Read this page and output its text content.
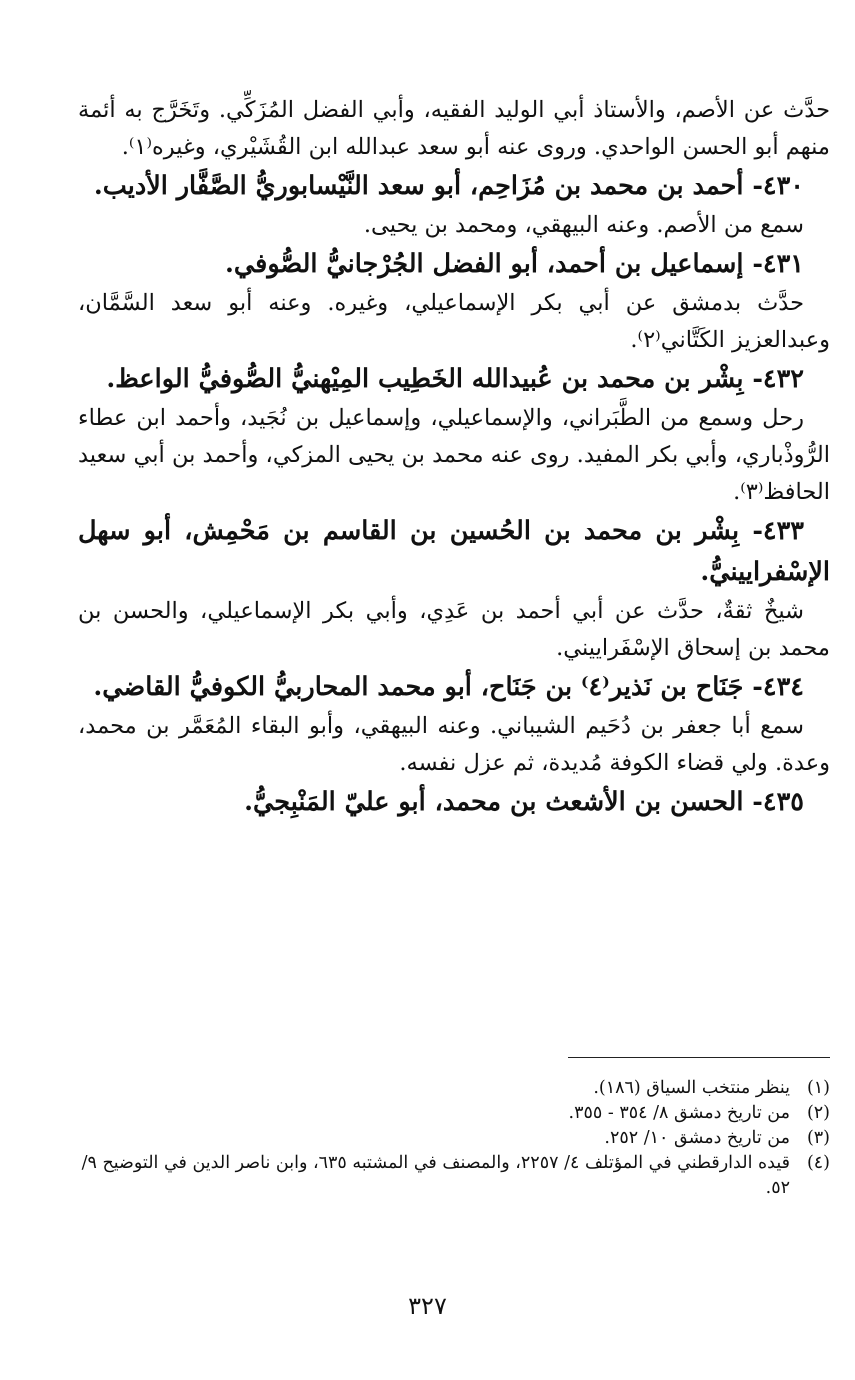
حدَّث عن الأصم، والأستاذ أبي الوليد الفقيه، وأبي الفضل المُزَكِّي. وتَخَرَّج به أئمة منهم أبو الحسن الواحدي. وروى عنه أبو سعد عبدالله ابن القُشَيْري، وغيره⁽١⁾.

٤٣٠- أحمد بن محمد بن مُزَاحِم، أبو سعد النَّيْسابوريُّ الصَّفَّار الأديب.

سمع من الأصم. وعنه البيهقي، ومحمد بن يحيى.

٤٣١- إسماعيل بن أحمد، أبو الفضل الجُرْجانيُّ الصُّوفي.

حدَّث بدمشق عن أبي بكر الإسماعيلي، وغيره. وعنه أبو سعد السَّمَّان، وعبدالعزيز الكَتَّاني⁽٢⁾.

٤٣٢- بِشْر بن محمد بن عُبيدالله الخَطِيب المِيْهنيُّ الصُّوفيُّ الواعظ.

رحل وسمع من الطَّبَراني، والإسماعيلي، وإسماعيل بن نُجَيد، وأحمد ابن عطاء الرُّوذْباري، وأبي بكر المفيد. روى عنه محمد بن يحيى المزكي، وأحمد بن أبي سعيد الحافظ⁽٣⁾.

٤٣٣- بِشْر بن محمد بن الحُسين بن القاسم بن مَحْمِش، أبو سهل الإسْفرايينيُّ.

شيخٌ ثقةٌ، حدَّث عن أبي أحمد بن عَدِي، وأبي بكر الإسماعيلي، والحسن بن محمد بن إسحاق الإسْفَراييني.

٤٣٤- جَنَاح بن نَذير⁽٤⁾ بن جَنَاح، أبو محمد المحاربيُّ الكوفيُّ القاضي.

سمع أبا جعفر بن دُحَيم الشيباني. وعنه البيهقي، وأبو البقاء المُعَمَّر بن محمد، وعدة. ولي قضاء الكوفة مُديدة، ثم عزل نفسه.

٤٣٥- الحسن بن الأشعث بن محمد، أبو عليّ المَنْبِجيُّ.

(١)
ينظر منتخب السياق (١٨٦).
(٢)
من تاريخ دمشق ٨/ ٣٥٤ - ٣٥٥.
(٣)
من تاريخ دمشق ١٠/ ٢٥٢.
(٤)
قيده الدارقطني في المؤتلف ٤/ ٢٢٥٧، والمصنف في المشتبه ٦٣٥، وابن ناصر الدين في التوضيح ٩/ ٥٢.
٣٢٧
